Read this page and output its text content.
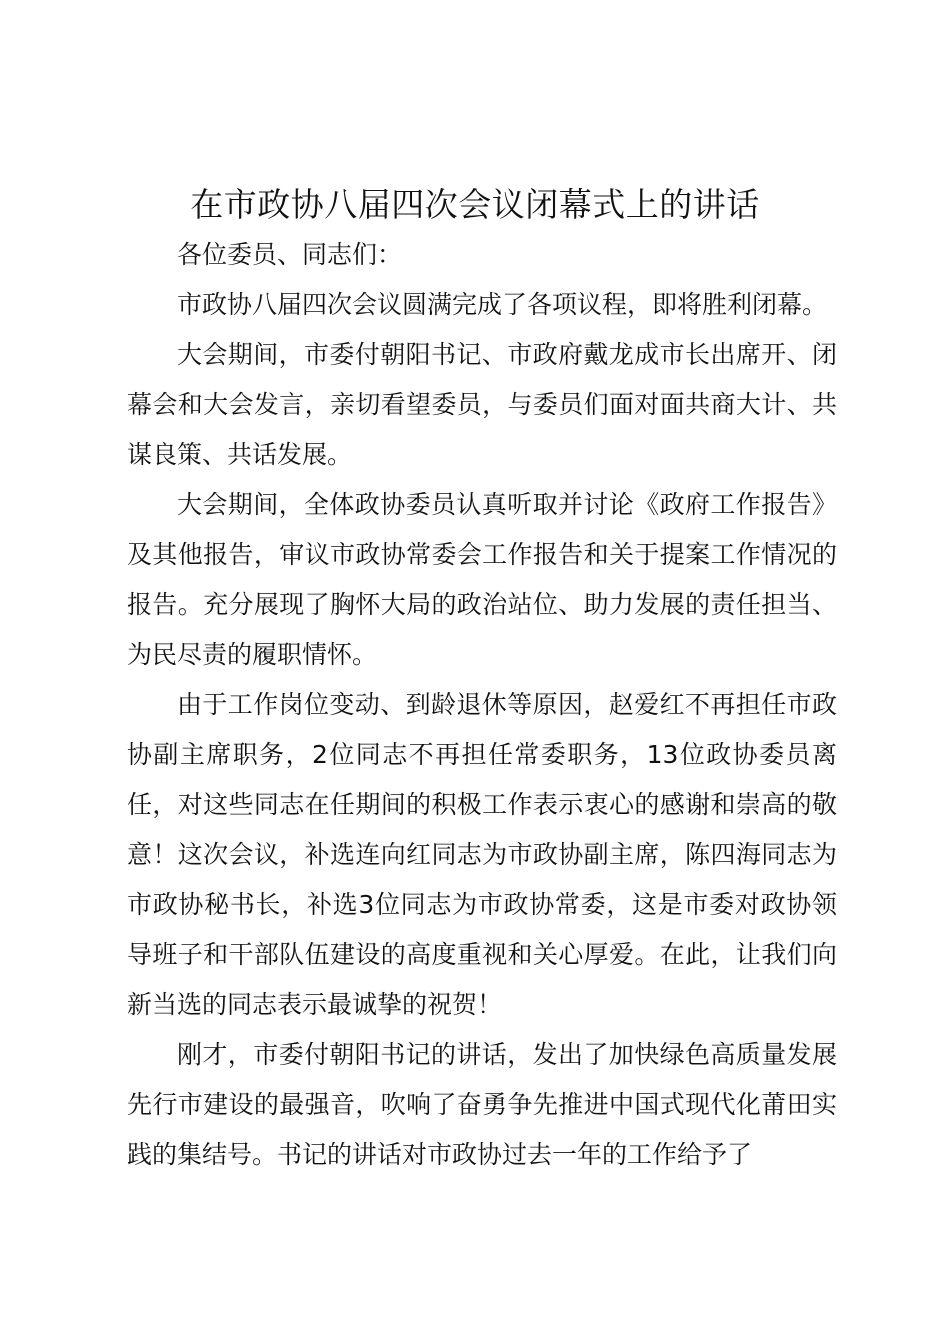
在市政协八届四次会议闭幕式上的讲话

各位委员、同志们：

市政协八届四次会议圆满完成了各项议程，即将胜利闭幕。

大会期间，市委付朝阳书记、市政府戴龙成市长出席开、闭幕会和大会发言，亲切看望委员，与委员们面对面共商大计、共谋良策、共话发展。

大会期间，全体政协委员认真听取并讨论《政府工作报告》及其他报告，审议市政协常委会工作报告和关于提案工作情况的报告。充分展现了胸怀大局的政治站位、助力发展的责任担当、为民尽责的履职情怀。

由于工作岗位变动、到龄退休等原因，赵爱红不再担任市政协副主席职务，2位同志不再担任常委职务，13位政协委员离任，对这些同志在任期间的积极工作表示衷心的感谢和崇高的敬意！这次会议，补选连向红同志为市政协副主席，陈四海同志为市政协秘书长，补选3位同志为市政协常委，这是市委对政协领导班子和干部队伍建设的高度重视和关心厚爱。在此，让我们向新当选的同志表示最诚挚的祝贺！

刚才，市委付朝阳书记的讲话，发出了加快绿色高质量发展先行市建设的最强音，吹响了奋勇争先推进中国式现代化莆田实践的集结号。书记的讲话对市政协过去一年的工作给予了
